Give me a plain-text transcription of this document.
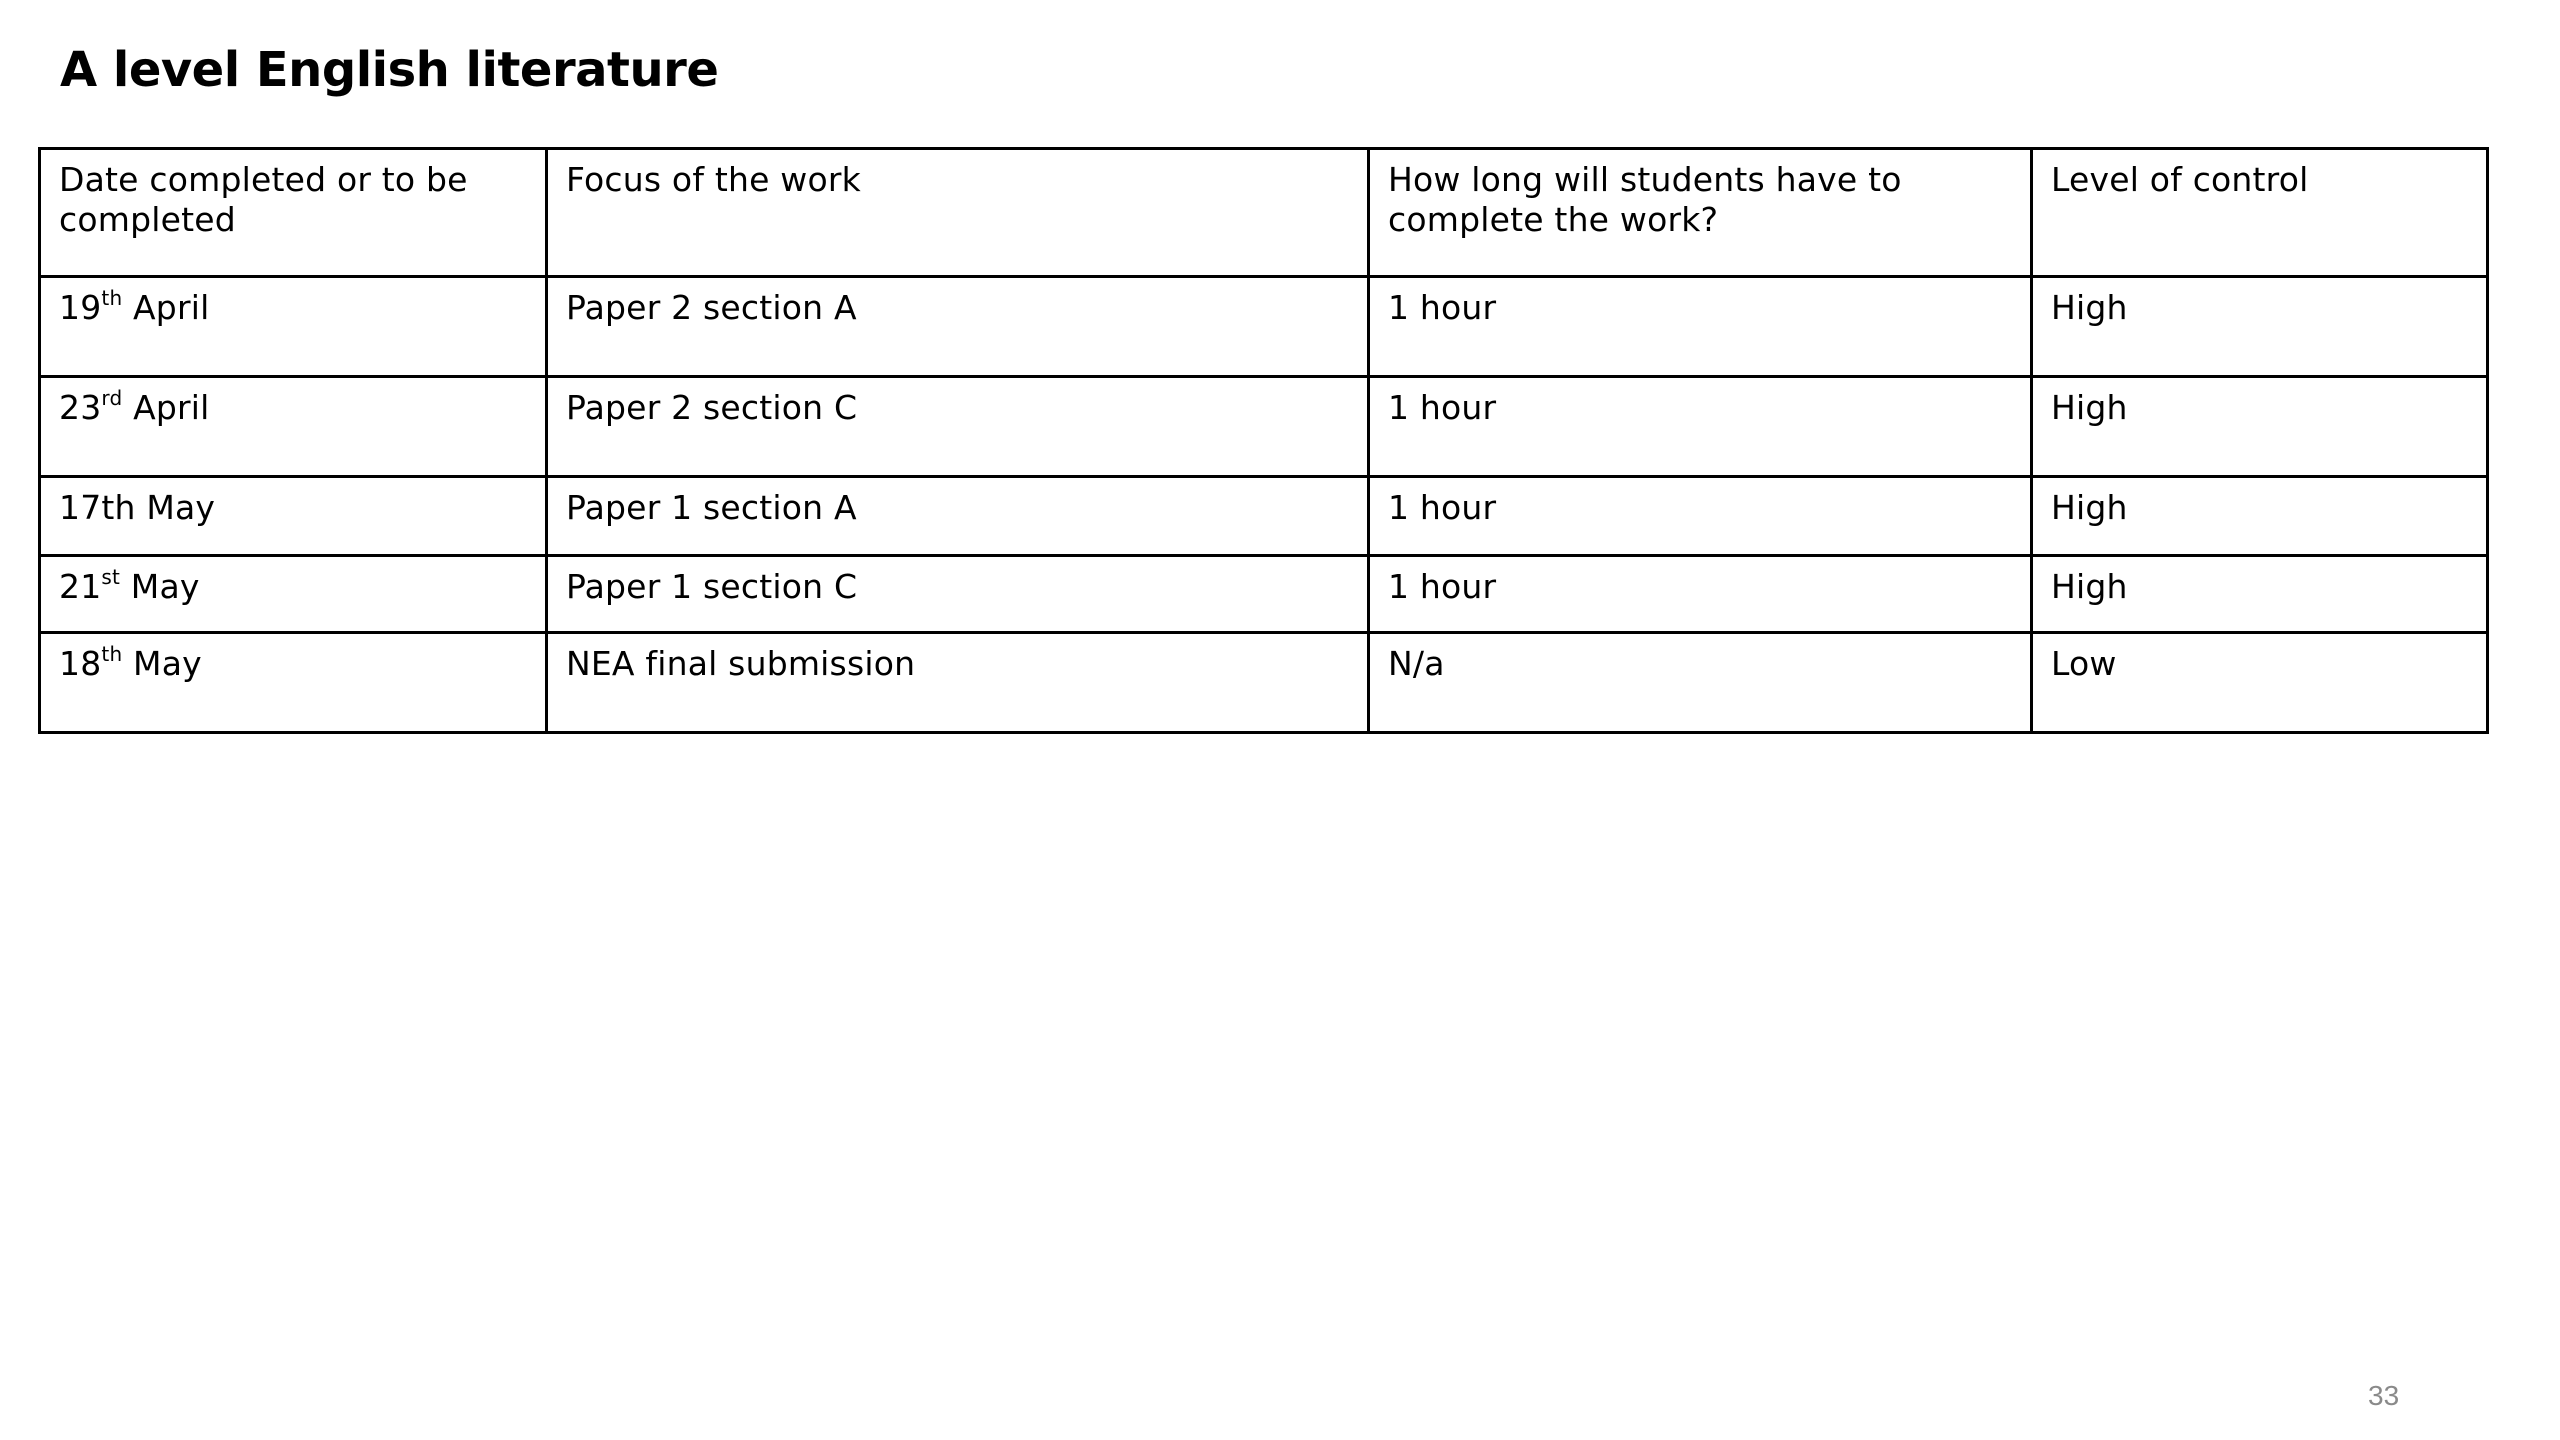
A level English literature
Date completed or to be completed	Focus of the work	How long will students have to complete the work?	Level of control
19th April	Paper 2 section A	1 hour	High
23rd April	Paper 2 section C	1 hour	High
17th May	Paper 1 section A	1 hour	High
21st May	Paper 1 section C	1 hour	High
18th May	NEA final submission	N/a	Low
33
